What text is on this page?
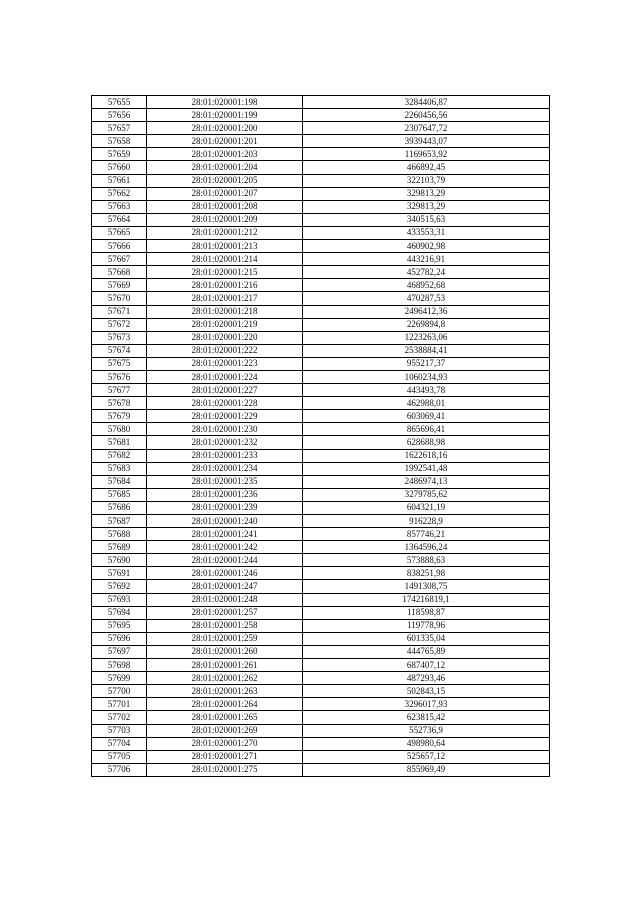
57655	28:01:020001:198	3284406,87
57656	28:01:020001:199	2260456,56
57657	28:01:020001:200	2307647,72
57658	28:01:020001:201	3939443,07
57659	28:01:020001:203	1169653,92
57660	28:01:020001:204	466892,45
57661	28:01:020001:205	322103,79
57662	28:01:020001:207	329813,29
57663	28:01:020001:208	329813,29
57664	28:01:020001:209	340515,63
57665	28:01:020001:212	433553,31
57666	28:01:020001:213	460902,98
57667	28:01:020001:214	443216,91
57668	28:01:020001:215	452782,24
57669	28:01:020001:216	468952,68
57670	28:01:020001:217	470287,53
57671	28:01:020001:218	2496412,36
57672	28:01:020001:219	2269894,8
57673	28:01:020001:220	1223263,06
57674	28:01:020001:222	2538884,41
57675	28:01:020001:223	955217,37
57676	28:01:020001:224	1060234,93
57677	28:01:020001:227	443493,78
57678	28:01:020001:228	462988,01
57679	28:01:020001:229	603069,41
57680	28:01:020001:230	865696,41
57681	28:01:020001:232	628688,98
57682	28:01:020001:233	1622618,16
57683	28:01:020001:234	1992541,48
57684	28:01:020001:235	2486974,13
57685	28:01:020001:236	3279785,62
57686	28:01:020001:239	604321,19
57687	28:01:020001:240	916228,9
57688	28:01:020001:241	857746,21
57689	28:01:020001:242	1364596,24
57690	28:01:020001:244	573888,63
57691	28:01:020001:246	838251,98
57692	28:01:020001:247	1491308,75
57693	28:01:020001:248	174216819,1
57694	28:01:020001:257	118598,87
57695	28:01:020001:258	119778,96
57696	28:01:020001:259	601335,04
57697	28:01:020001:260	444765,89
57698	28:01:020001:261	687407,12
57699	28:01:020001:262	487293,46
57700	28:01:020001:263	502843,15
57701	28:01:020001:264	3296017,93
57702	28:01:020001:265	623815,42
57703	28:01:020001:269	552736,9
57704	28:01:020001:270	498980,64
57705	28:01:020001:271	525657,12
57706	28:01:020001:275	855969,49
